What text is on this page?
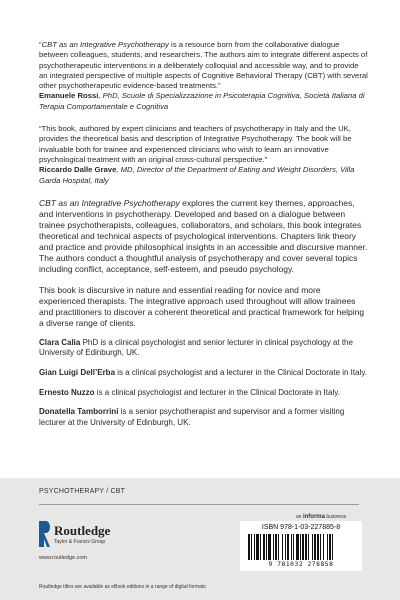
“CBT as an Integrative Psychotherapy is a resource born from the collaborative dialogue between colleagues, students, and researchers. The authors aim to integrate different aspects of psychotherapeutic interventions in a deliberately colloquial and accessible way, and to provide an integrated perspective of multiple aspects of Cognitive Behavioral Therapy (CBT) with several other psychotherapeutic evidence-based treatments.”

Emanuele Rossi, PhD, Scuole di Specializzazione in Psicoterapia Cognitiva, Società Italiana di Terapia Comportamentale e Cognitiva

“This book, authored by expert clinicians and teachers of psychotherapy in Italy and the UK, provides the theoretical basis and description of Integrative Psychotherapy. The book will be invaluable both for trainee and experienced clinicians who wish to learn an innovative psychological treatment with an original cross-cultural perspective.”

Riccardo Dalle Grave, MD, Director of the Department of Eating and Weight Disorders, Villa Garda Hospital, Italy

CBT as an Integrative Psychotherapy explores the current key themes, approaches, and interventions in psychotherapy. Developed and based on a dialogue between trainee psychotherapists, colleagues, collaborators, and scholars, this book integrates theoretical and technical aspects of psychological interventions. Chapters link theory and practice and provide philosophical insights in an accessible and discursive manner. The authors conduct a thoughtful analysis of psychotherapy and cover several topics including conflict, acceptance, self-esteem, and pseudo psychology.

This book is discursive in nature and essential reading for novice and more experienced therapists. The integrative approach used throughout will allow trainees and practitioners to discover a coherent theoretical and practical framework for helping a diverse range of clients.

Clara Calia PhD is a clinical psychologist and senior lecturer in clinical psychology at the University of Edinburgh, UK.

Gian Luigi Dell’Erba is a clinical psychologist and a lecturer in the Clinical Doctorate in Italy.

Ernesto Nuzzo is a clinical psychologist and lecturer in the Clinical Doctorate in Italy.

Donatella Tamborrini is a senior psychotherapist and supervisor and a former visiting lecturer at the University of Edinburgh, UK.

PSYCHOTHERAPY / CBT
an informa business
Routledge
Taylor & Francis Group
www.routledge.com
ISBN 978-1-03-227885-8
9 781032 278858
Routledge titles are available as eBook editions in a range of digital formats
